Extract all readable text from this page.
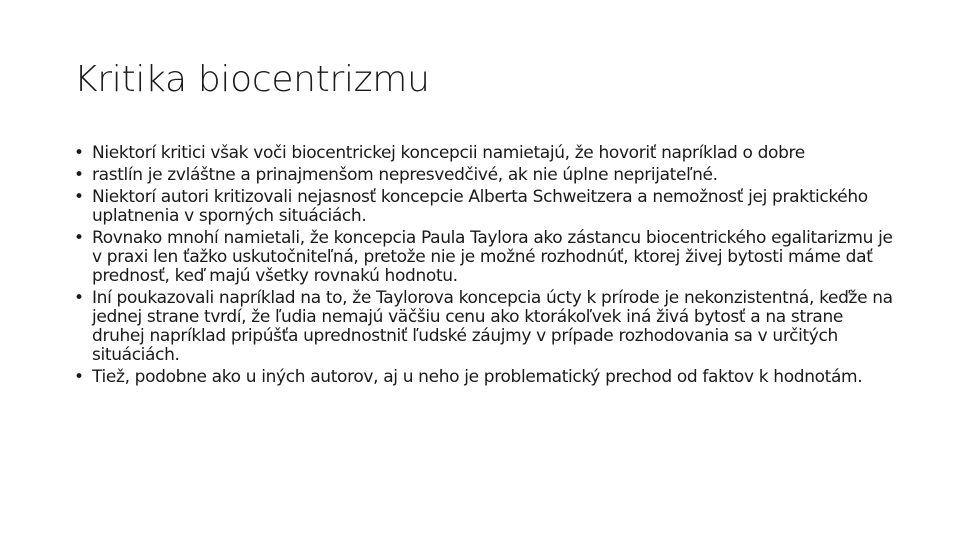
Kritika biocentrizmu
• Niektorí kritici však voči biocentrickej koncepcii namietajú, že hovoriť napríklad o dobre
• rastlín je zvláštne a prinajmenšom nepresvedčivé, ak nie úplne neprijateľné.
• Niektorí autori kritizovali nejasnosť koncepcie Alberta Schweitzera a nemožnosť jej praktického uplatnenia v sporných situáciách.
• Rovnako mnohí namietali, že koncepcia Paula Taylora ako zástancu biocentrického egalitarizmu je v praxi len ťažko uskutočniteľná, pretože nie je možné rozhodnúť, ktorej živej bytosti máme dať prednosť, keď majú všetky rovnakú hodnotu.
• Iní poukazovali napríklad na to, že Taylorova koncepcia úcty k prírode je nekonzistentná, keďže na jednej strane tvrdí, že ľudia nemajú väčšiu cenu ako ktorákoľvek iná živá bytosť a na strane druhej napríklad pripúšťa uprednostniť ľudské záujmy v prípade rozhodovania sa v určitých situáciách.
• Tiež, podobne ako u iných autorov, aj u neho je problematický prechod od faktov k hodnotám.
